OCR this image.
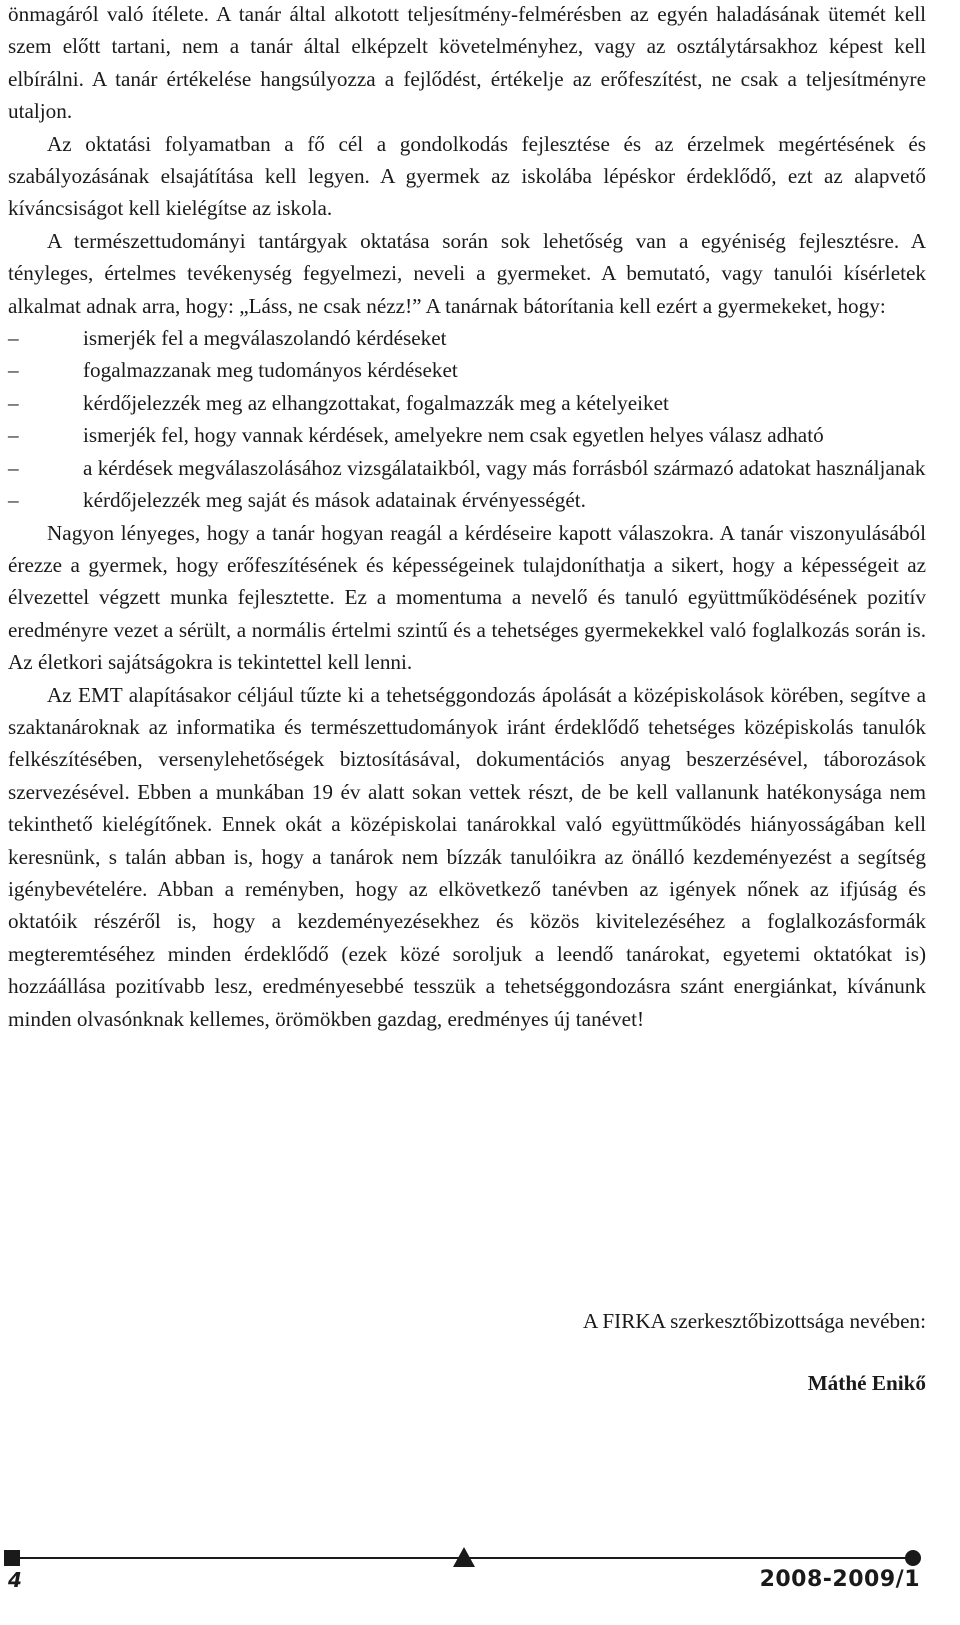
önmagáról való ítélete. A tanár által alkotott teljesítmény-felmérésben az egyén haladásának ütemét kell szem előtt tartani, nem a tanár által elképzelt követelményhez, vagy az osztálytársakhoz képest kell elbírálni. A tanár értékelése hangsúlyozza a fejlődést, értékelje az erőfeszítést, ne csak a teljesítményre utaljon.

Az oktatási folyamatban a fő cél a gondolkodás fejlesztése és az érzelmek megértésének és szabályozásának elsajátítása kell legyen. A gyermek az iskolába lépéskor érdeklődő, ezt az alapvető kíváncsiságot kell kielégítse az iskola.

A természettudományi tantárgyak oktatása során sok lehetőség van a egyéniség fejlesztésre. A tényleges, értelmes tevékenység fegyelmezi, neveli a gyermeket. A bemutató, vagy tanulói kísérletek alkalmat adnak arra, hogy: „Láss, ne csak nézz!” A tanárnak bátorítania kell ezért a gyermekeket, hogy:

–	ismerjék fel a megválaszolandó kérdéseket
–	fogalmazzanak meg tudományos kérdéseket
–	kérdőjelezzék meg az elhangzottakat, fogalmazzák meg a kételyeiket
–	ismerjék fel, hogy vannak kérdések, amelyekre nem csak egyetlen helyes válasz adható
–	a kérdések megválaszolásához vizsgálataikból, vagy más forrásból származó adatokat használjanak
–	kérdőjelezzék meg saját és mások adatainak érvényességét.

Nagyon lényeges, hogy a tanár hogyan reagál a kérdéseire kapott válaszokra. A tanár viszonyulásából érezze a gyermek, hogy erőfeszítésének és képességeinek tulajdoníthatja a sikert, hogy a képességeit az élvezettel végzett munka fejlesztette. Ez a momentuma a nevelő és tanuló együttműködésének pozitív eredményre vezet a sérült, a normális értelmi szintű és a tehetséges gyermekekkel való foglalkozás során is. Az életkori sajátságokra is tekintettel kell lenni.

Az EMT alapításakor céljául tűzte ki a tehetséggondozás ápolását a középiskolások körében, segítve a szaktanároknak az informatika és természettudományok iránt érdeklődő tehetséges középiskolás tanulók felkészítésében, versenylehetőségek biztosításával, dokumentációs anyag beszerzésével, táborozások szervezésével. Ebben a munkában 19 év alatt sokan vettek részt, de be kell vallanunk hatékonysága nem tekinthető kielégítőnek. Ennek okát a középiskolai tanárokkal való együttműködés hiányosságában kell keresnünk, s talán abban is, hogy a tanárok nem bízzák tanulóikra az önálló kezdeményezést a segítség igénybevételére. Abban a reményben, hogy az elkövetkező tanévben az igények nőnek az ifjúság és oktatóik részéről is, hogy a kezdeményezésekhez és közös kivitelezéséhez a foglalkozásformák megteremtéséhez minden érdeklődő (ezek közé soroljuk a leendő tanárokat, egyetemi oktatókat is) hozzáállása pozitívabb lesz, eredményesebbé tesszük a tehetséggondozásra szánt energiánkat, kívánunk minden olvasónknak kellemes, örömökben gazdag, eredményes új tanévet!

A FIRKA szerkesztőbizottsága nevében:
Máthé Enikő
4	2008-2009/1
